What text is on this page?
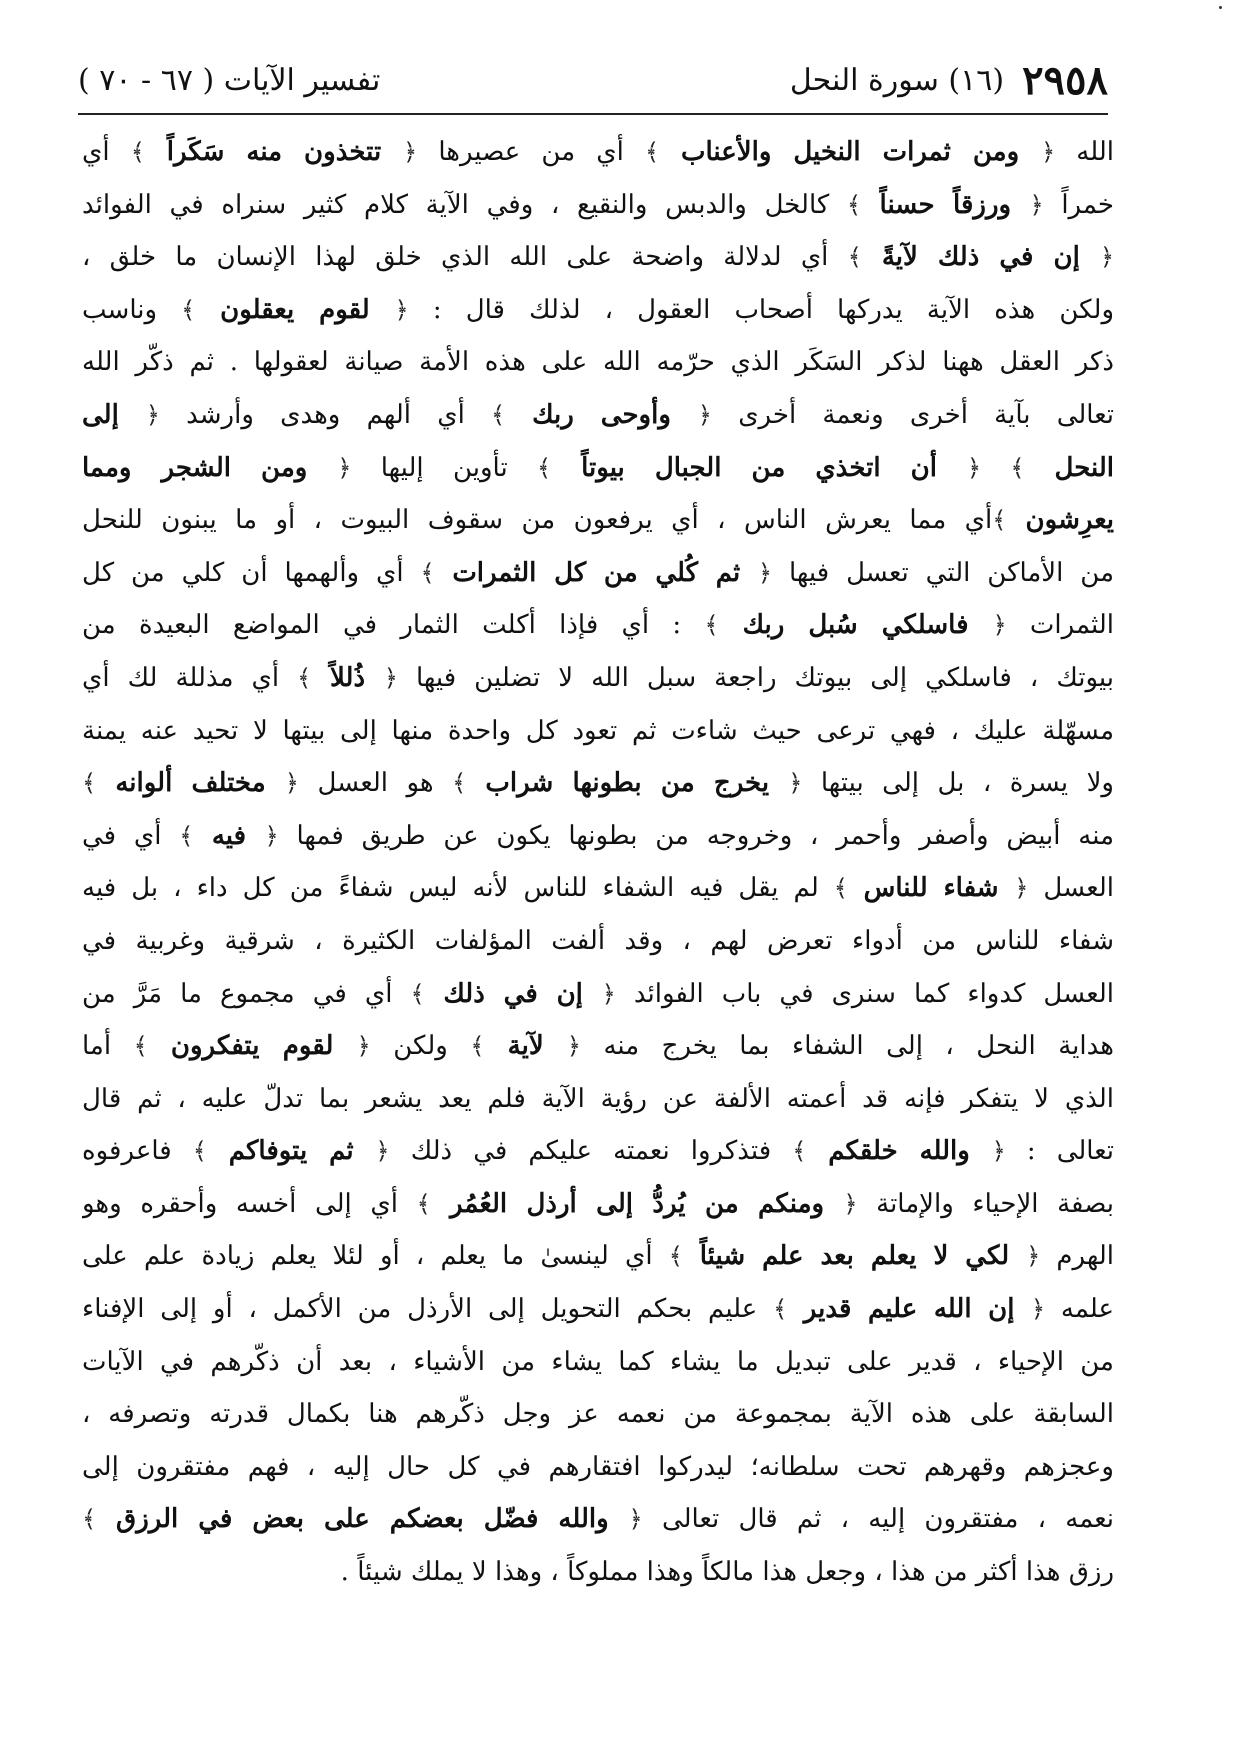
٢٩٥٨
(١٦) سورة النحل
تفسير الآيات ( ٦٧ - ٧٠ )
الله ﴿ ومن ثمرات النخيل والأعناب ﴾ أي من عصيرها ﴿ تتخذون منه سَكَراً ﴾ أي
خمراً ﴿ ورزقاً حسناً ﴾ كالخل والدبس والنقيع ، وفي الآية كلام كثير سنراه في الفوائد
﴿ إن في ذلك لآيةً ﴾ أي لدلالة واضحة على الله الذي خلق لهذا الإنسان ما خلق ،
ولكن هذه الآية يدركها أصحاب العقول ، لذلك قال : ﴿ لقوم يعقلون ﴾ وناسب
ذكر العقل ههنا لذكر السَكَر الذي حرّمه الله على هذه الأمة صيانة لعقولها . ثم ذكّر الله
تعالى بآية أخرى ونعمة أخرى ﴿ وأوحى ربك ﴾ أي ألهم وهدى وأرشد ﴿ إلى
النحل ﴾ ﴿ أن اتخذي من الجبال بيوتاً ﴾ تأوين إليها ﴿ ومن الشجر ومما
يعرِشون ﴾أي مما يعرش الناس ، أي يرفعون من سقوف البيوت ، أو ما يبنون للنحل
من الأماكن التي تعسل فيها ﴿ ثم كُلي من كل الثمرات ﴾ أي وألهمها أن كلي من كل
الثمرات ﴿ فاسلكي سُبل ربك ﴾ : أي فإذا أكلت الثمار في المواضع البعيدة من
بيوتك ، فاسلكي إلى بيوتك راجعة سبل الله لا تضلين فيها ﴿ ذُللاً ﴾ أي مذللة لك أي
مسهّلة عليك ، فهي ترعى حيث شاءت ثم تعود كل واحدة منها إلى بيتها لا تحيد عنه يمنة
ولا يسرة ، بل إلى بيتها ﴿ يخرج من بطونها شراب ﴾ هو العسل ﴿ مختلف ألوانه ﴾
منه أبيض وأصفر وأحمر ، وخروجه من بطونها يكون عن طريق فمها ﴿ فيه ﴾ أي في
العسل ﴿ شفاء للناس ﴾ لم يقل فيه الشفاء للناس لأنه ليس شفاءً من كل داء ، بل فيه
شفاء للناس من أدواء تعرض لهم ، وقد ألفت المؤلفات الكثيرة ، شرقية وغربية في
العسل كدواء كما سنرى في باب الفوائد ﴿ إن في ذلك ﴾ أي في مجموع ما مَرَّ من
هداية النحل ، إلى الشفاء بما يخرج منه ﴿ لآية ﴾ ولكن ﴿ لقوم يتفكرون ﴾ أما
الذي لا يتفكر فإنه قد أعمته الألفة عن رؤية الآية فلم يعد يشعر بما تدلّ عليه ، ثم قال
تعالى : ﴿ والله خلقكم ﴾ فتذكروا نعمته عليكم في ذلك ﴿ ثم يتوفاكم ﴾ فاعرفوه
بصفة الإحياء والإماتة ﴿ ومنكم من يُردُّ إلى أرذل العُمُر ﴾ أي إلى أخسه وأحقره وهو
الهرم ﴿ لكي لا يعلم بعد علم شيئاً ﴾ أي لينسىٰ ما يعلم ، أو لئلا يعلم زيادة علم على
علمه ﴿ إن الله عليم قدير ﴾ عليم بحكم التحويل إلى الأرذل من الأكمل ، أو إلى الإفناء
من الإحياء ، قدير على تبديل ما يشاء كما يشاء من الأشياء ، بعد أن ذكّرهم في الآيات
السابقة على هذه الآية بمجموعة من نعمه عز وجل ذكّرهم هنا بكمال قدرته وتصرفه ،
وعجزهم وقهرهم تحت سلطانه؛ ليدركوا افتقارهم في كل حال إليه ، فهم مفتقرون إلى
نعمه ، مفتقرون إليه ، ثم قال تعالى ﴿ والله فضّل بعضكم على بعض في الرزق ﴾
رزق هذا أكثر من هذا ، وجعل هذا مالكاً وهذا مملوكاً ، وهذا لا يملك شيئاً .
